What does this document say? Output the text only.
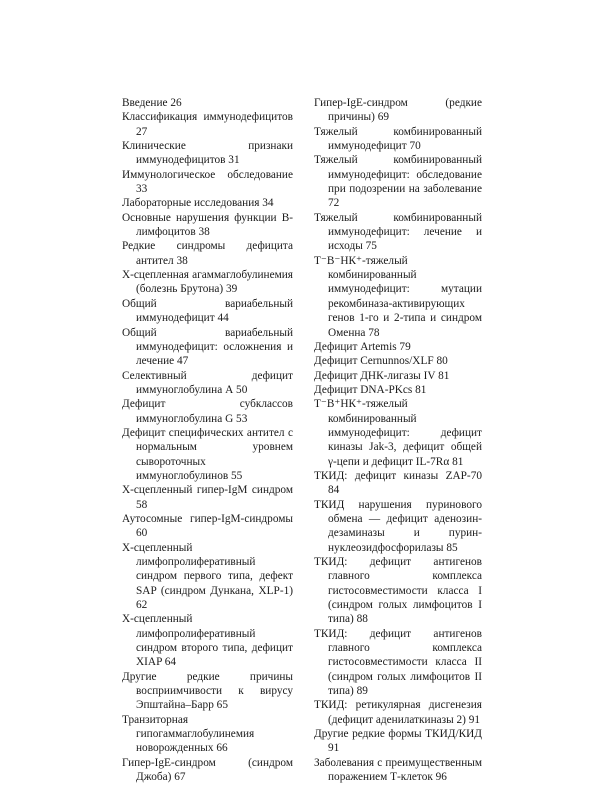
Введение 26

Классификация иммунодефицитов 27

Клинические признаки иммунодефицитов 31

Иммунологическое обследование 33

Лабораторные исследования 34

Основные нарушения функции В-лимфоцитов 38

Редкие синдромы дефицита антител 38

Х-сцепленная агаммаглобулинемия (болезнь Брутона) 39

Общий вариабельный иммунодефицит 44

Общий вариабельный иммунодефицит: осложнения и лечение 47

Селективный дефицит иммуноглобулина А 50

Дефицит субклассов иммуноглобулина G 53

Дефицит специфических антител с нормальным уровнем сывороточных иммуноглобулинов 55

Х-сцепленный гипер-IgM синдром 58

Аутосомные гипер-IgM-синдромы 60

Х-сцепленный лимфопролиферативный синдром первого типа, дефект SAP (синдром Дункана, XLP-1) 62

Х-сцепленный лимфопролиферативный синдром второго типа, дефицит XIAP 64

Другие редкие причины восприимчивости к вирусу Эпштайна–Барр 65

Транзиторная гипогаммаглобулинемия новорожденных 66

Гипер-IgE-синдром (синдром Джоба) 67

Гипер-IgE-синдром (редкие причины) 69

Тяжелый комбинированный иммунодефицит 70

Тяжелый комбинированный иммунодефицит: обследование при подозрении на заболевание 72

Тяжелый комбинированный иммунодефицит: лечение и исходы 75

Т⁻В⁻НК⁺-тяжелый комбинированный иммунодефицит: мутации рекомбиназа-активирующих генов 1-го и 2-типа и синдром Оменна 78

Дефицит Artemis 79

Дефицит Cernunnos/XLF 80

Дефицит ДНК-лигазы IV 81

Дефицит DNA-PKcs 81

Т⁻В⁺НК⁺-тяжелый комбинированный иммунодефицит: дефицит киназы Jak-3, дефицит общей γ-цепи и дефицит IL-7Rα 81

ТКИД: дефицит киназы ZAP-70 84

ТКИД нарушения пуринового обмена — дефицит аденозин-дезаминазы и пурин-нуклеозидфосфорилазы 85

ТКИД: дефицит антигенов главного комплекса гистосовместимости класса I (синдром голых лимфоцитов I типа) 88

ТКИД: дефицит антигенов главного комплекса гистосовместимости класса II (синдром голых лимфоцитов II типа) 89

ТКИД: ретикулярная дисгенезия (дефицит аденилаткиназы 2) 91

Другие редкие формы ТКИД/КИД 91

Заболевания с преимущественным поражением Т-клеток 96
